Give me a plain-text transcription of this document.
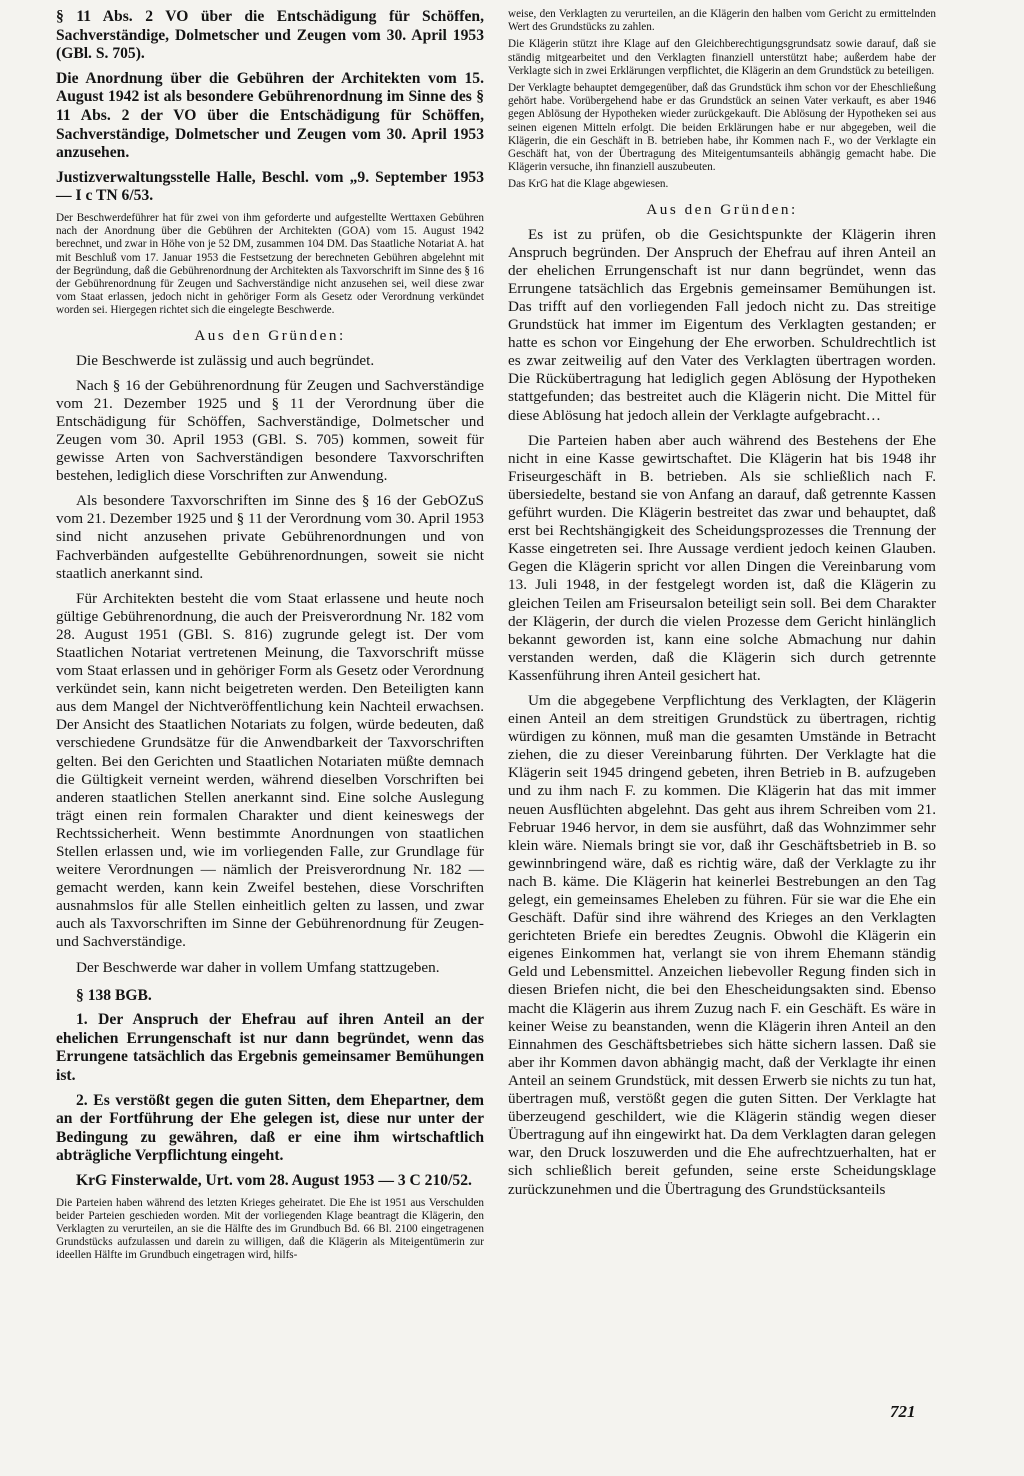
§ 11 Abs. 2 VO über die Entschädigung für Schöffen, Sachverständige, Dolmetscher und Zeugen vom 30. April 1953 (GBl. S. 705).

Die Anordnung über die Gebühren der Architekten vom 15. August 1942 ist als besondere Gebührenordnung im Sinne des § 11 Abs. 2 der VO über die Entschädigung für Schöffen, Sachverständige, Dolmetscher und Zeugen vom 30. April 1953 anzusehen.

Justizverwaltungsstelle Halle, Beschl. vom „9. September 1953 — I c TN 6/53.

Der Beschwerdeführer hat für zwei von ihm geforderte und aufgestellte Werttaxen Gebühren nach der Anordnung über die Gebühren der Architekten (GOA) vom 15. August 1942 berechnet, und zwar in Höhe von je 52 DM, zusammen 104 DM. Das Staatliche Notariat A. hat mit Beschluß vom 17. Januar 1953 die Festsetzung der berechneten Gebühren abgelehnt mit der Begründung, daß die Gebührenordnung der Architekten als Taxvorschrift im Sinne des § 16 der Gebührenordnung für Zeugen und Sachverständige nicht anzusehen sei, weil diese zwar vom Staat erlassen, jedoch nicht in gehöriger Form als Gesetz oder Verordnung verkündet worden sei. Hiergegen richtet sich die eingelegte Beschwerde.

Aus den Gründen:

Die Beschwerde ist zulässig und auch begründet.

Nach § 16 der Gebührenordnung für Zeugen und Sachverständige vom 21. Dezember 1925 und § 11 der Verordnung über die Entschädigung für Schöffen, Sachverständige, Dolmetscher und Zeugen vom 30. April 1953 (GBl. S. 705) kommen, soweit für gewisse Arten von Sachverständigen besondere Taxvorschriften bestehen, lediglich diese Vorschriften zur Anwendung.

Als besondere Taxvorschriften im Sinne des § 16 der GebOZuS vom 21. Dezember 1925 und § 11 der Verordnung vom 30. April 1953 sind nicht anzusehen private Gebührenordnungen und von Fachverbänden aufgestellte Gebührenordnungen, soweit sie nicht staatlich anerkannt sind.

Für Architekten besteht die vom Staat erlassene und heute noch gültige Gebührenordnung, die auch der Preisverordnung Nr. 182 vom 28. August 1951 (GBl. S. 816) zugrunde gelegt ist. Der vom Staatlichen Notariat vertretenen Meinung, die Taxvorschrift müsse vom Staat erlassen und in gehöriger Form als Gesetz oder Verordnung verkündet sein, kann nicht beigetreten werden. Den Beteiligten kann aus dem Mangel der Nichtveröffentlichung kein Nachteil erwachsen. Der Ansicht des Staatlichen Notariats zu folgen, würde bedeuten, daß verschiedene Grundsätze für die Anwendbarkeit der Taxvorschriften gelten. Bei den Gerichten und Staatlichen Notariaten müßte demnach die Gültigkeit verneint werden, während dieselben Vorschriften bei anderen staatlichen Stellen anerkannt sind. Eine solche Auslegung trägt einen rein formalen Charakter und dient keineswegs der Rechtssicherheit. Wenn bestimmte Anordnungen von staatlichen Stellen erlassen und, wie im vorliegenden Falle, zur Grundlage für weitere Verordnungen — nämlich der Preisverordnung Nr. 182 — gemacht werden, kann kein Zweifel bestehen, diese Vorschriften ausnahmslos für alle Stellen einheitlich gelten zu lassen, und zwar auch als Taxvorschriften im Sinne der Gebührenordnung für Zeugen- und Sachverständige.

Der Beschwerde war daher in vollem Umfang stattzugeben.

§ 138 BGB.

1. Der Anspruch der Ehefrau auf ihren Anteil an der ehelichen Errungenschaft ist nur dann begründet, wenn das Errungene tatsächlich das Ergebnis gemeinsamer Bemühungen ist.

2. Es verstößt gegen die guten Sitten, dem Ehepartner, dem an der Fortführung der Ehe gelegen ist, diese nur unter der Bedingung zu gewähren, daß er eine ihm wirtschaftlich abträgliche Verpflichtung eingeht.

KrG Finsterwalde, Urt. vom 28. August 1953 — 3 C 210/52.

Die Parteien haben während des letzten Krieges geheiratet. Die Ehe ist 1951 aus Verschulden beider Parteien geschieden worden. Mit der vorliegenden Klage beantragt die Klägerin, den Verklagten zu verurteilen, an sie die Hälfte des im Grundbuch Bd. 66 Bl. 2100 eingetragenen Grundstücks aufzulassen und darein zu willigen, daß die Klägerin als Miteigentümerin zur ideellen Hälfte im Grundbuch eingetragen wird, hilfs-

weise, den Verklagten zu verurteilen, an die Klägerin den halben vom Gericht zu ermittelnden Wert des Grundstücks zu zahlen.

Die Klägerin stützt ihre Klage auf den Gleichberechtigungsgrundsatz sowie darauf, daß sie ständig mitgearbeitet und den Verklagten finanziell unterstützt habe; außerdem habe der Verklagte sich in zwei Erklärungen verpflichtet, die Klägerin an dem Grundstück zu beteiligen.

Der Verklagte behauptet demgegenüber, daß das Grundstück ihm schon vor der Eheschließung gehört habe. Vorübergehend habe er das Grundstück an seinen Vater verkauft, es aber 1946 gegen Ablösung der Hypotheken wieder zurückgekauft. Die Ablösung der Hypotheken sei aus seinen eigenen Mitteln erfolgt. Die beiden Erklärungen habe er nur abgegeben, weil die Klägerin, die ein Geschäft in B. betrieben habe, ihr Kommen nach F., wo der Verklagte ein Geschäft hat, von der Übertragung des Miteigentumsanteils abhängig gemacht habe. Die Klägerin versuche, ihn finanziell auszubeuten.

Das KrG hat die Klage abgewiesen.

Aus den Gründen:

Es ist zu prüfen, ob die Gesichtspunkte der Klägerin ihren Anspruch begründen. Der Anspruch der Ehefrau auf ihren Anteil an der ehelichen Errungenschaft ist nur dann begründet, wenn das Errungene tatsächlich das Ergebnis gemeinsamer Bemühungen ist. Das trifft auf den vorliegenden Fall jedoch nicht zu. Das streitige Grundstück hat immer im Eigentum des Verklagten gestanden; er hatte es schon vor Eingehung der Ehe erworben. Schuldrechtlich ist es zwar zeitweilig auf den Vater des Verklagten übertragen worden. Die Rückübertragung hat lediglich gegen Ablösung der Hypotheken stattgefunden; das bestreitet auch die Klägerin nicht. Die Mittel für diese Ablösung hat jedoch allein der Verklagte aufgebracht…

Die Parteien haben aber auch während des Bestehens der Ehe nicht in eine Kasse gewirtschaftet. Die Klägerin hat bis 1948 ihr Friseurgeschäft in B. betrieben. Als sie schließlich nach F. übersiedelte, bestand sie von Anfang an darauf, daß getrennte Kassen geführt wurden. Die Klägerin bestreitet das zwar und behauptet, daß erst bei Rechtshängigkeit des Scheidungsprozesses die Trennung der Kasse eingetreten sei. Ihre Aussage verdient jedoch keinen Glauben. Gegen die Klägerin spricht vor allen Dingen die Vereinbarung vom 13. Juli 1948, in der festgelegt worden ist, daß die Klägerin zu gleichen Teilen am Friseursalon beteiligt sein soll. Bei dem Charakter der Klägerin, der durch die vielen Prozesse dem Gericht hinlänglich bekannt geworden ist, kann eine solche Abmachung nur dahin verstanden werden, daß die Klägerin sich durch getrennte Kassenführung ihren Anteil gesichert hat.

Um die abgegebene Verpflichtung des Verklagten, der Klägerin einen Anteil an dem streitigen Grundstück zu übertragen, richtig würdigen zu können, muß man die gesamten Umstände in Betracht ziehen, die zu dieser Vereinbarung führten. Der Verklagte hat die Klägerin seit 1945 dringend gebeten, ihren Betrieb in B. aufzugeben und zu ihm nach F. zu kommen. Die Klägerin hat das mit immer neuen Ausflüchten abgelehnt. Das geht aus ihrem Schreiben vom 21. Februar 1946 hervor, in dem sie ausführt, daß das Wohnzimmer sehr klein wäre. Niemals bringt sie vor, daß ihr Geschäftsbetrieb in B. so gewinnbringend wäre, daß es richtig wäre, daß der Verklagte zu ihr nach B. käme. Die Klägerin hat keinerlei Bestrebungen an den Tag gelegt, ein gemeinsames Eheleben zu führen. Für sie war die Ehe ein Geschäft. Dafür sind ihre während des Krieges an den Verklagten gerichteten Briefe ein beredtes Zeugnis. Obwohl die Klägerin ein eigenes Einkommen hat, verlangt sie von ihrem Ehemann ständig Geld und Lebensmittel. Anzeichen liebevoller Regung finden sich in diesen Briefen nicht, die bei den Ehescheidungsakten sind. Ebenso macht die Klägerin aus ihrem Zuzug nach F. ein Geschäft. Es wäre in keiner Weise zu beanstanden, wenn die Klägerin ihren Anteil an den Einnahmen des Geschäftsbetriebes sich hätte sichern lassen. Daß sie aber ihr Kommen davon abhängig macht, daß der Verklagte ihr einen Anteil an seinem Grundstück, mit dessen Erwerb sie nichts zu tun hat, übertragen muß, verstößt gegen die guten Sitten. Der Verklagte hat überzeugend geschildert, wie die Klägerin ständig wegen dieser Übertragung auf ihn eingewirkt hat. Da dem Verklagten daran gelegen war, den Druck loszuwerden und die Ehe aufrechtzuerhalten, hat er sich schließlich bereit gefunden, seine erste Scheidungsklage zurückzunehmen und die Übertragung des Grundstücksanteils

721
